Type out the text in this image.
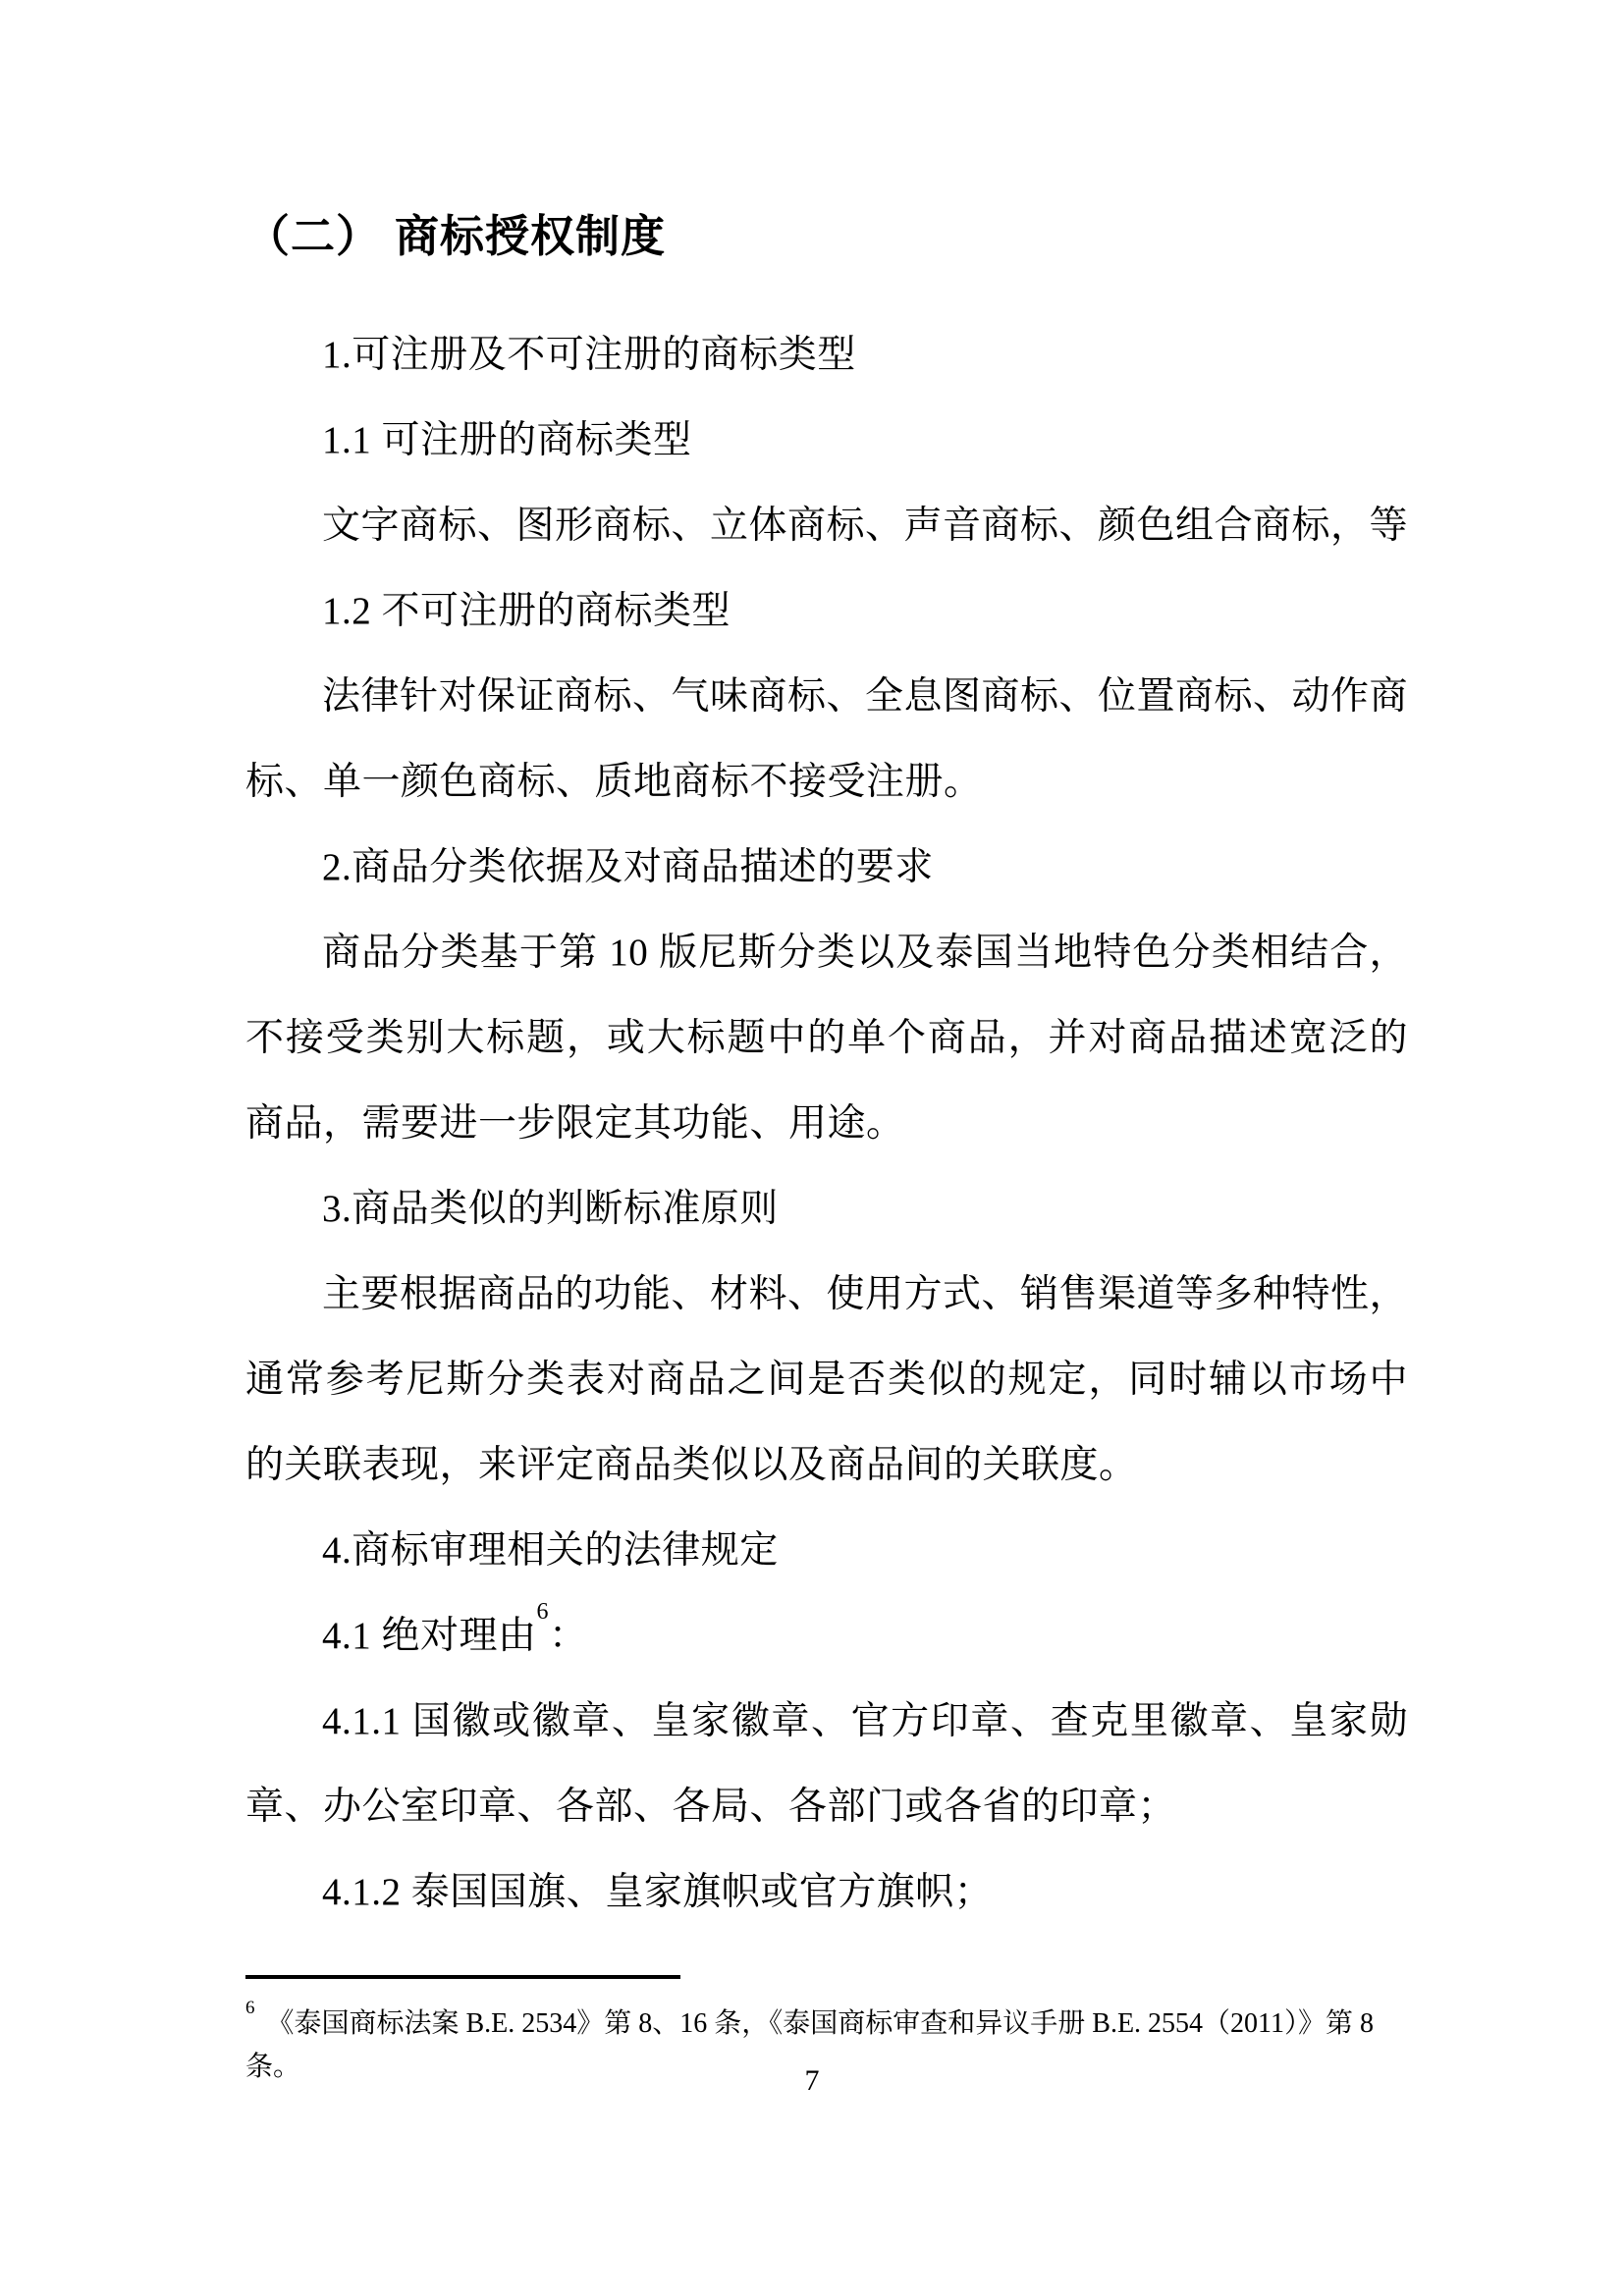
（二） 商标授权制度

1.可注册及不可注册的商标类型

1.1 可注册的商标类型

文字商标、图形商标、立体商标、声音商标、颜色组合商标，等

1.2 不可注册的商标类型

法律针对保证商标、气味商标、全息图商标、位置商标、动作商标、单一颜色商标、质地商标不接受注册。

2.商品分类依据及对商品描述的要求

商品分类基于第 10 版尼斯分类以及泰国当地特色分类相结合，不接受类别大标题，或大标题中的单个商品，并对商品描述宽泛的商品，需要进一步限定其功能、用途。

3.商品类似的判断标准原则

主要根据商品的功能、材料、使用方式、销售渠道等多种特性，通常参考尼斯分类表对商品之间是否类似的规定，同时辅以市场中的关联表现，来评定商品类似以及商品间的关联度。

4.商标审理相关的法律规定

4.1 绝对理由$^6$：

4.1.1 国徽或徽章、皇家徽章、官方印章、查克里徽章、皇家勋章、办公室印章、各部、各局、各部门或各省的印章；

4.1.2 泰国国旗、皇家旗帜或官方旗帜；

$^6$《泰国商标法案 B.E. 2534》第 8、16 条，《泰国商标审查和异议手册 B.E. 2554（2011）》第 8 条。	7
